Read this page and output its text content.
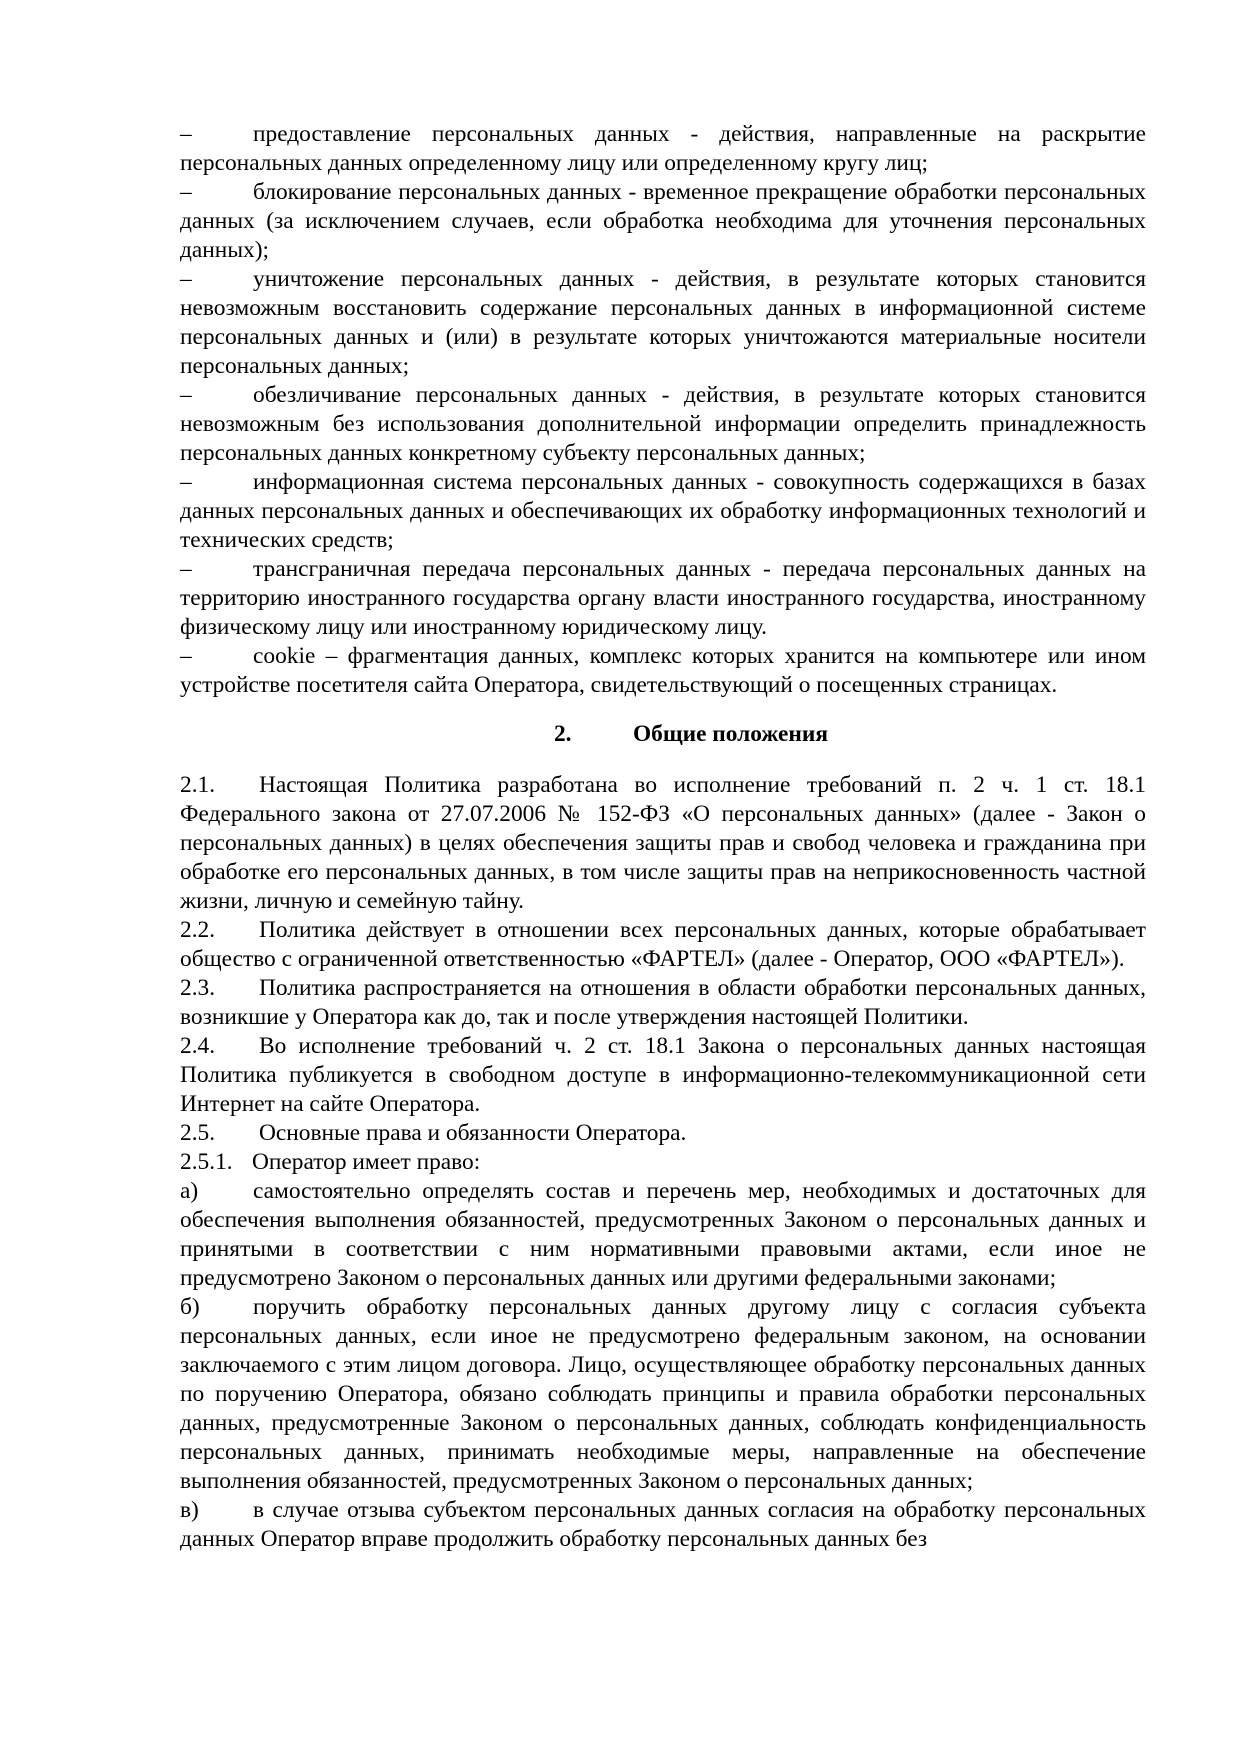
–	предоставление персональных данных - действия, направленные на раскрытие персональных данных определенному лицу или определенному кругу лиц;

–	блокирование персональных данных - временное прекращение обработки персональных данных (за исключением случаев, если обработка необходима для уточнения персональных данных);

–	уничтожение персональных данных - действия, в результате которых становится невозможным восстановить содержание персональных данных в информационной системе персональных данных и (или) в результате которых уничтожаются материальные носители персональных данных;

–	обезличивание персональных данных - действия, в результате которых становится невозможным без использования дополнительной информации определить принадлежность персональных данных конкретному субъекту персональных данных;

–	информационная система персональных данных - совокупность содержащихся в базах данных персональных данных и обеспечивающих их обработку информационных технологий и технических средств;

–	трансграничная передача персональных данных - передача персональных данных на территорию иностранного государства органу власти иностранного государства, иностранному физическому лицу или иностранному юридическому лицу.

–	cookie – фрагментация данных, комплекс которых хранится на компьютере или ином устройстве посетителя сайта Оператора, свидетельствующий о посещенных страницах.

2.	Общие положения

2.1. Настоящая Политика разработана во исполнение требований п. 2 ч. 1 ст. 18.1 Федерального закона от 27.07.2006 № 152-ФЗ «О персональных данных» (далее - Закон о персональных данных) в целях обеспечения защиты прав и свобод человека и гражданина при обработке его персональных данных, в том числе защиты прав на неприкосновенность частной жизни, личную и семейную тайну.

2.2. Политика действует в отношении всех персональных данных, которые обрабатывает общество с ограниченной ответственностью «ФАРТЕЛ» (далее - Оператор, ООО «ФАРТЕЛ»).

2.3. Политика распространяется на отношения в области обработки персональных данных, возникшие у Оператора как до, так и после утверждения настоящей Политики.

2.4. Во исполнение требований ч. 2 ст. 18.1 Закона о персональных данных настоящая Политика публикуется в свободном доступе в информационно-телекоммуникационной сети Интернет на сайте Оператора.

2.5. Основные права и обязанности Оператора.

2.5.1. Оператор имеет право:

а) самостоятельно определять состав и перечень мер, необходимых и достаточных для обеспечения выполнения обязанностей, предусмотренных Законом о персональных данных и принятыми в соответствии с ним нормативными правовыми актами, если иное не предусмотрено Законом о персональных данных или другими федеральными законами;

б) поручить обработку персональных данных другому лицу с согласия субъекта персональных данных, если иное не предусмотрено федеральным законом, на основании заключаемого с этим лицом договора. Лицо, осуществляющее обработку персональных данных по поручению Оператора, обязано соблюдать принципы и правила обработки персональных данных, предусмотренные Законом о персональных данных, соблюдать конфиденциальность персональных данных, принимать необходимые меры, направленные на обеспечение выполнения обязанностей, предусмотренных Законом о персональных данных;

в) в случае отзыва субъектом персональных данных согласия на обработку персональных данных Оператор вправе продолжить обработку персональных данных без
